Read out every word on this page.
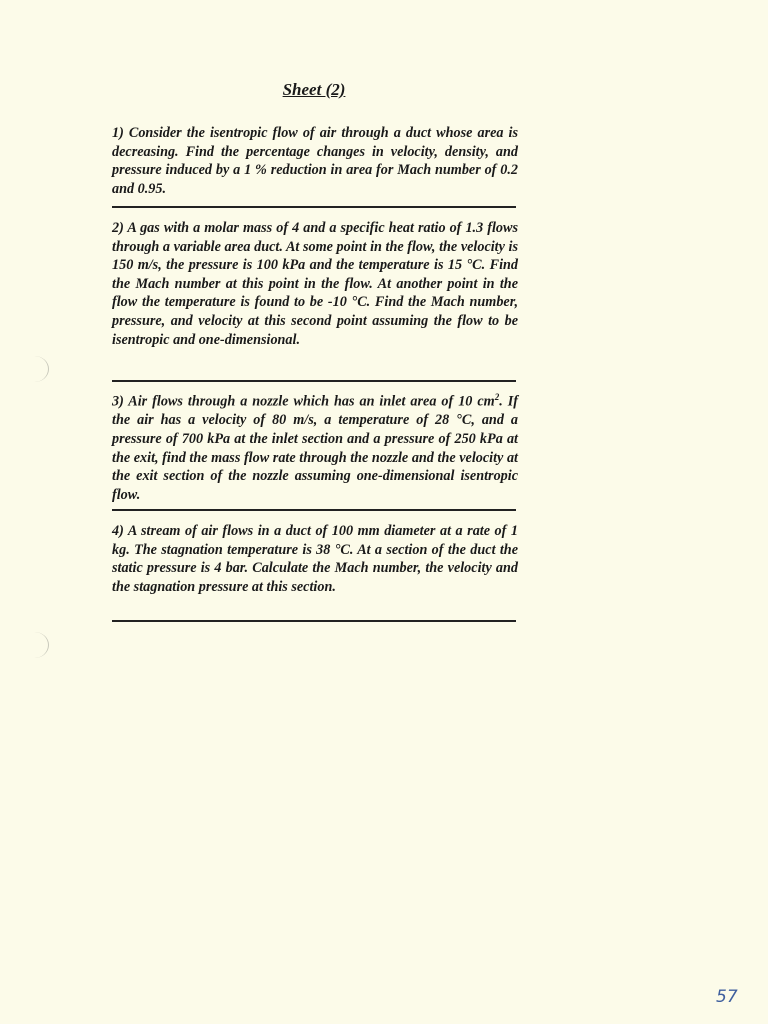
Sheet (2)

1) Consider the isentropic flow of air through a duct whose area is decreasing. Find the percentage changes in velocity, density, and pressure induced by a 1 % reduction in area for Mach number of 0.2 and 0.95.

2) A gas with a molar mass of 4 and a specific heat ratio of 1.3 flows through a variable area duct. At some point in the flow, the velocity is 150 m/s, the pressure is 100 kPa and the temperature is 15 °C. Find the Mach number at this point in the flow. At another point in the flow the temperature is found to be -10 °C. Find the Mach number, pressure, and velocity at this second point assuming the flow to be isentropic and one-dimensional.

3) Air flows through a nozzle which has an inlet area of 10 $cm^2$. If the air has a velocity of 80 m/s, a temperature of 28 °C, and a pressure of 700 kPa at the inlet section and a pressure of 250 kPa at the exit, find the mass flow rate through the nozzle and the velocity at the exit section of the nozzle assuming one-dimensional isentropic flow.

4) A stream of air flows in a duct of 100 mm diameter at a rate of 1 kg. The stagnation temperature is 38 °C. At a section of the duct the static pressure is 4 bar. Calculate the Mach number, the velocity and the stagnation pressure at this section.

57
